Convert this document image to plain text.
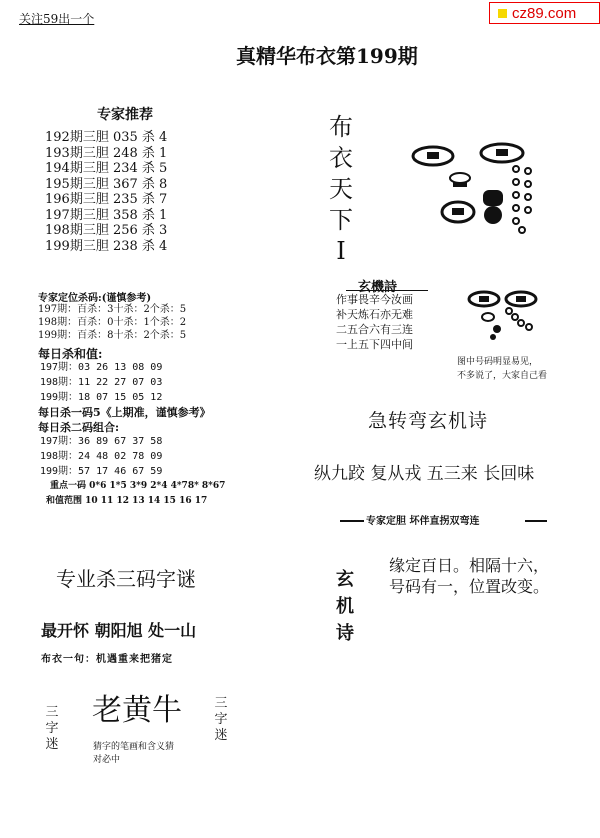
关注59出一个	cz89.com
真精华布衣第199期
专家推荐
192期三胆 035 杀 4
193期三胆 248 杀 1
194期三胆 234 杀 5
195期三胆 367 杀 8
196期三胆 235 杀 7
197期三胆 358 杀 1
198期三胆 256 杀 3
199期三胆 238 杀 4
专家定位杀码:(谨慎参考)
197期：百杀：3十杀：2个杀：5
198期：百杀：0十杀：1个杀：2
199期：百杀：8十杀：2个杀：5
每日杀和值:
197期：03 26 13 08 09
198期：11 22 27 07 03
199期：18 07 15 05 12
每日杀一码5《上期准，谨慎参考》
每日杀二码组合:
197期：36 89 67 37 58
198期：24 48 02 78 09
199期：57 17 46 67 59
重点一码 0*6 1*5 3*9 2*4 4*78* 8*67
和值范围 10 11 12 13 14 15 16 17
专业杀三码字谜
最开怀 朝阳旭 处一山
布衣一句：机遇重来把猪定
三
字
迷
老黄牛 三
字
迷
猜字的笔画和含义猜
对必中
布
衣
天
下
I
玄機詩
作事畏辛今汝画
补天炼石亦无难
二五合六有三连
一上五下四中间
图中号码明显易见，
不多说了，大家自己看
急转弯玄机诗
纵九跤 复从戎 五三来 长回味
专家定胆 坏伴直拐双弯连
玄
机
诗
缘定百日。相隔十六，
号码有一，位置改变。
